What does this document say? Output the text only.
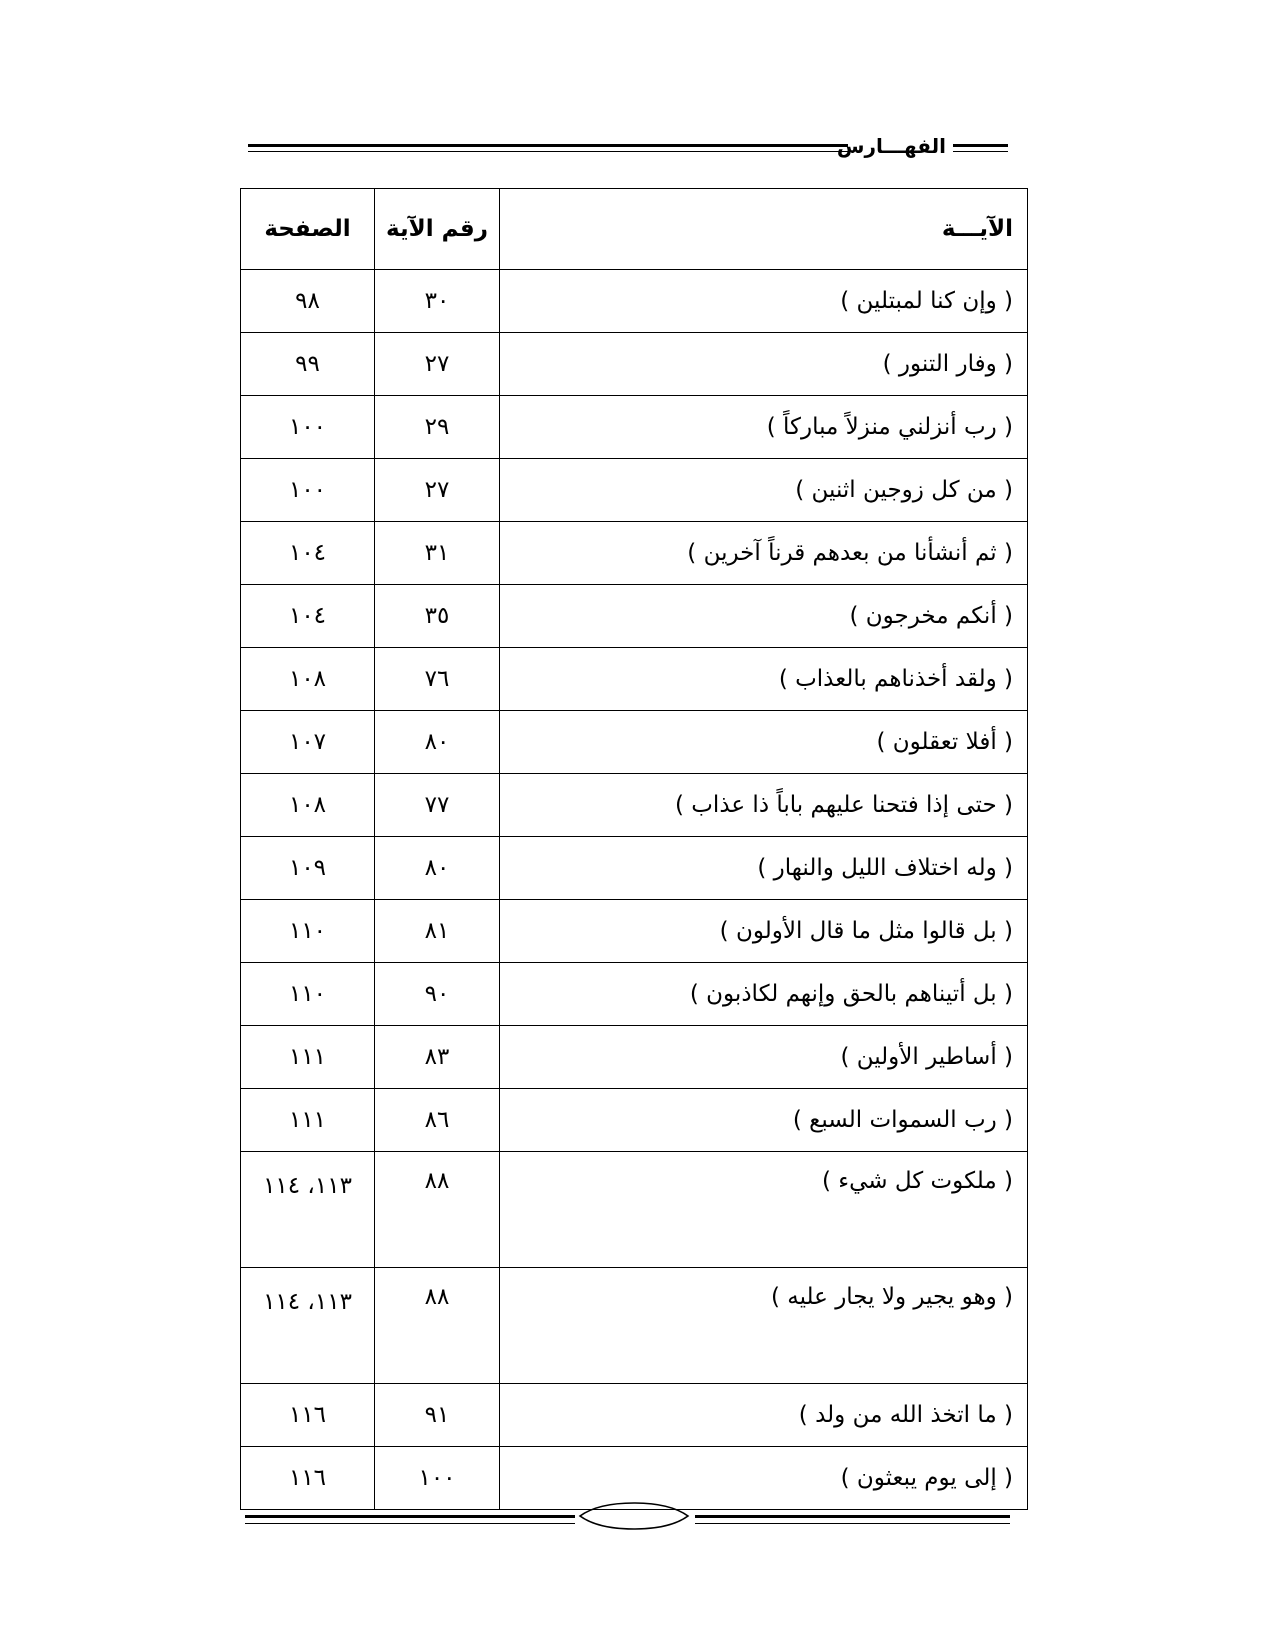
الفهـــارس
الآيـــة	رقم الآية	الصفحة
( وإن كنا لمبتلين )	٣٠	٩٨
( وفار التنور )	٢٧	٩٩
( رب أنزلني منزلاً مباركاً )	٢٩	١٠٠
( من كل زوجين اثنين )	٢٧	١٠٠
( ثم أنشأنا من بعدهم قرناً آخرين )	٣١	١٠٤
( أنكم مخرجون )	٣٥	١٠٤
( ولقد أخذناهم بالعذاب )	٧٦	١٠٨
( أفلا تعقلون )	٨٠	١٠٧
( حتى إذا فتحنا عليهم باباً ذا عذاب )	٧٧	١٠٨
( وله اختلاف الليل والنهار )	٨٠	١٠٩
( بل قالوا مثل ما قال الأولون )	٨١	١١٠
( بل أتيناهم بالحق وإنهم لكاذبون )	٩٠	١١٠
( أساطير الأولين )	٨٣	١١١
( رب السموات السبع )	٨٦	١١١
( ملكوت كل شيء )	٨٨	١١٣، ١١٤
( وهو يجير ولا يجار عليه )	٨٨	١١٣، ١١٤
( ما اتخذ الله من ولد )	٩١	١١٦
( إلى يوم يبعثون )	١٠٠	١١٦
